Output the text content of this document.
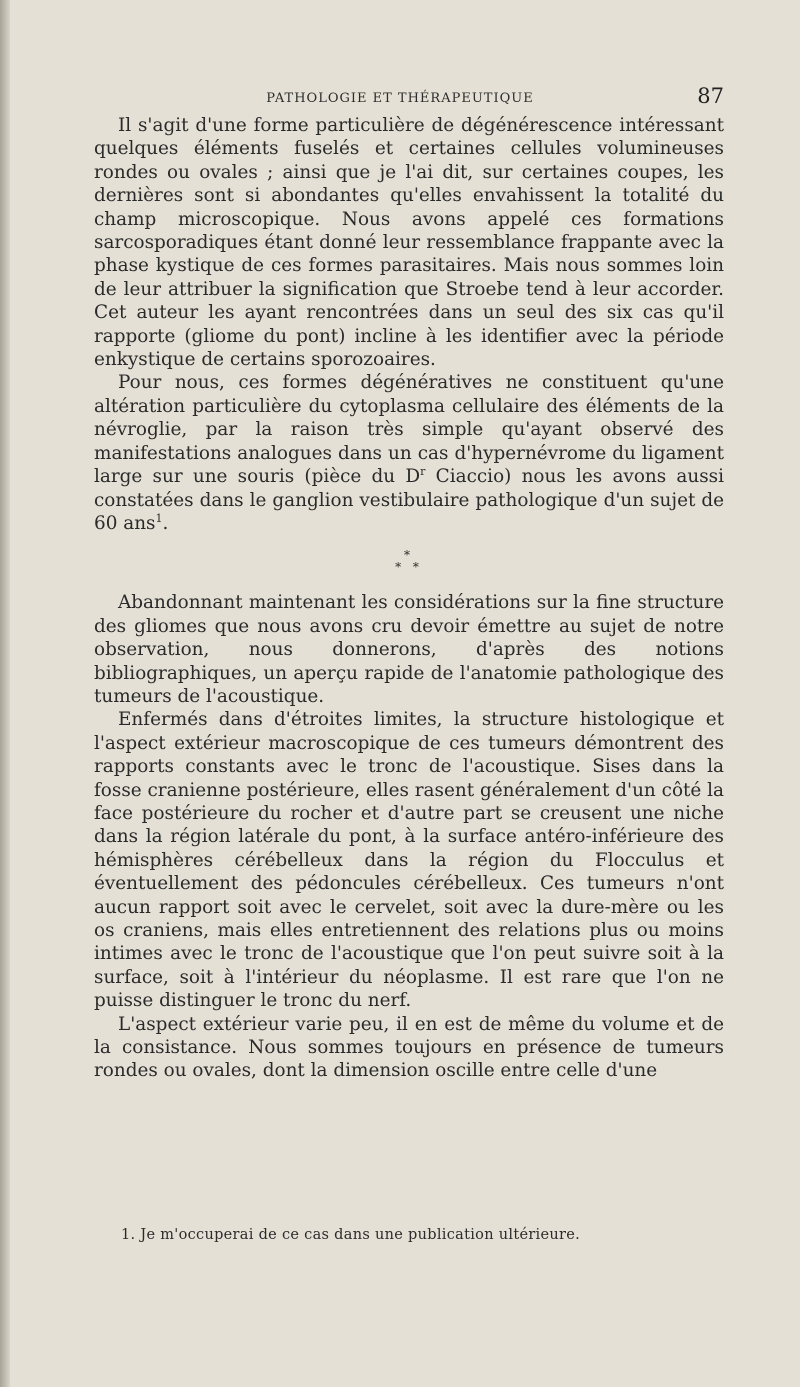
PATHOLOGIE ET THÉRAPEUTIQUE	87

Il s'agit d'une forme particulière de dégénérescence intéressant quelques éléments fuselés et certaines cellules volumineuses rondes ou ovales ; ainsi que je l'ai dit, sur certaines coupes, les dernières sont si abondantes qu'elles envahissent la totalité du champ microscopique. Nous avons appelé ces formations sarcosporadiques étant donné leur ressemblance frappante avec la phase kystique de ces formes parasitaires. Mais nous sommes loin de leur attribuer la signification que Stroebe tend à leur accorder. Cet auteur les ayant rencontrées dans un seul des six cas qu'il rapporte (gliome du pont) incline à les identifier avec la période enkystique de certains sporozoaires.

Pour nous, ces formes dégénératives ne constituent qu'une altération particulière du cytoplasma cellulaire des éléments de la névroglie, par la raison très simple qu'ayant observé des manifestations analogues dans un cas d'hypernévrome du ligament large sur une souris (pièce du $D^r$ Ciaccio) nous les avons aussi constatées dans le ganglion vestibulaire pathologique d'un sujet de 60 ans$^1$.

*
* *

Abandonnant maintenant les considérations sur la fine structure des gliomes que nous avons cru devoir émettre au sujet de notre observation, nous donnerons, d'après des notions bibliographiques, un aperçu rapide de l'anatomie pathologique des tumeurs de l'acoustique.

Enfermés dans d'étroites limites, la structure histologique et l'aspect extérieur macroscopique de ces tumeurs démontrent des rapports constants avec le tronc de l'acoustique. Sises dans la fosse cranienne postérieure, elles rasent généralement d'un côté la face postérieure du rocher et d'autre part se creusent une niche dans la région latérale du pont, à la surface antéro-inférieure des hémisphères cérébelleux dans la région du Flocculus et éventuellement des pédoncules cérébelleux. Ces tumeurs n'ont aucun rapport soit avec le cervelet, soit avec la dure-mère ou les os craniens, mais elles entretiennent des relations plus ou moins intimes avec le tronc de l'acoustique que l'on peut suivre soit à la surface, soit à l'intérieur du néoplasme. Il est rare que l'on ne puisse distinguer le tronc du nerf.

L'aspect extérieur varie peu, il en est de même du volume et de la consistance. Nous sommes toujours en présence de tumeurs rondes ou ovales, dont la dimension oscille entre celle d'une

1. Je m'occuperai de ce cas dans une publication ultérieure.
